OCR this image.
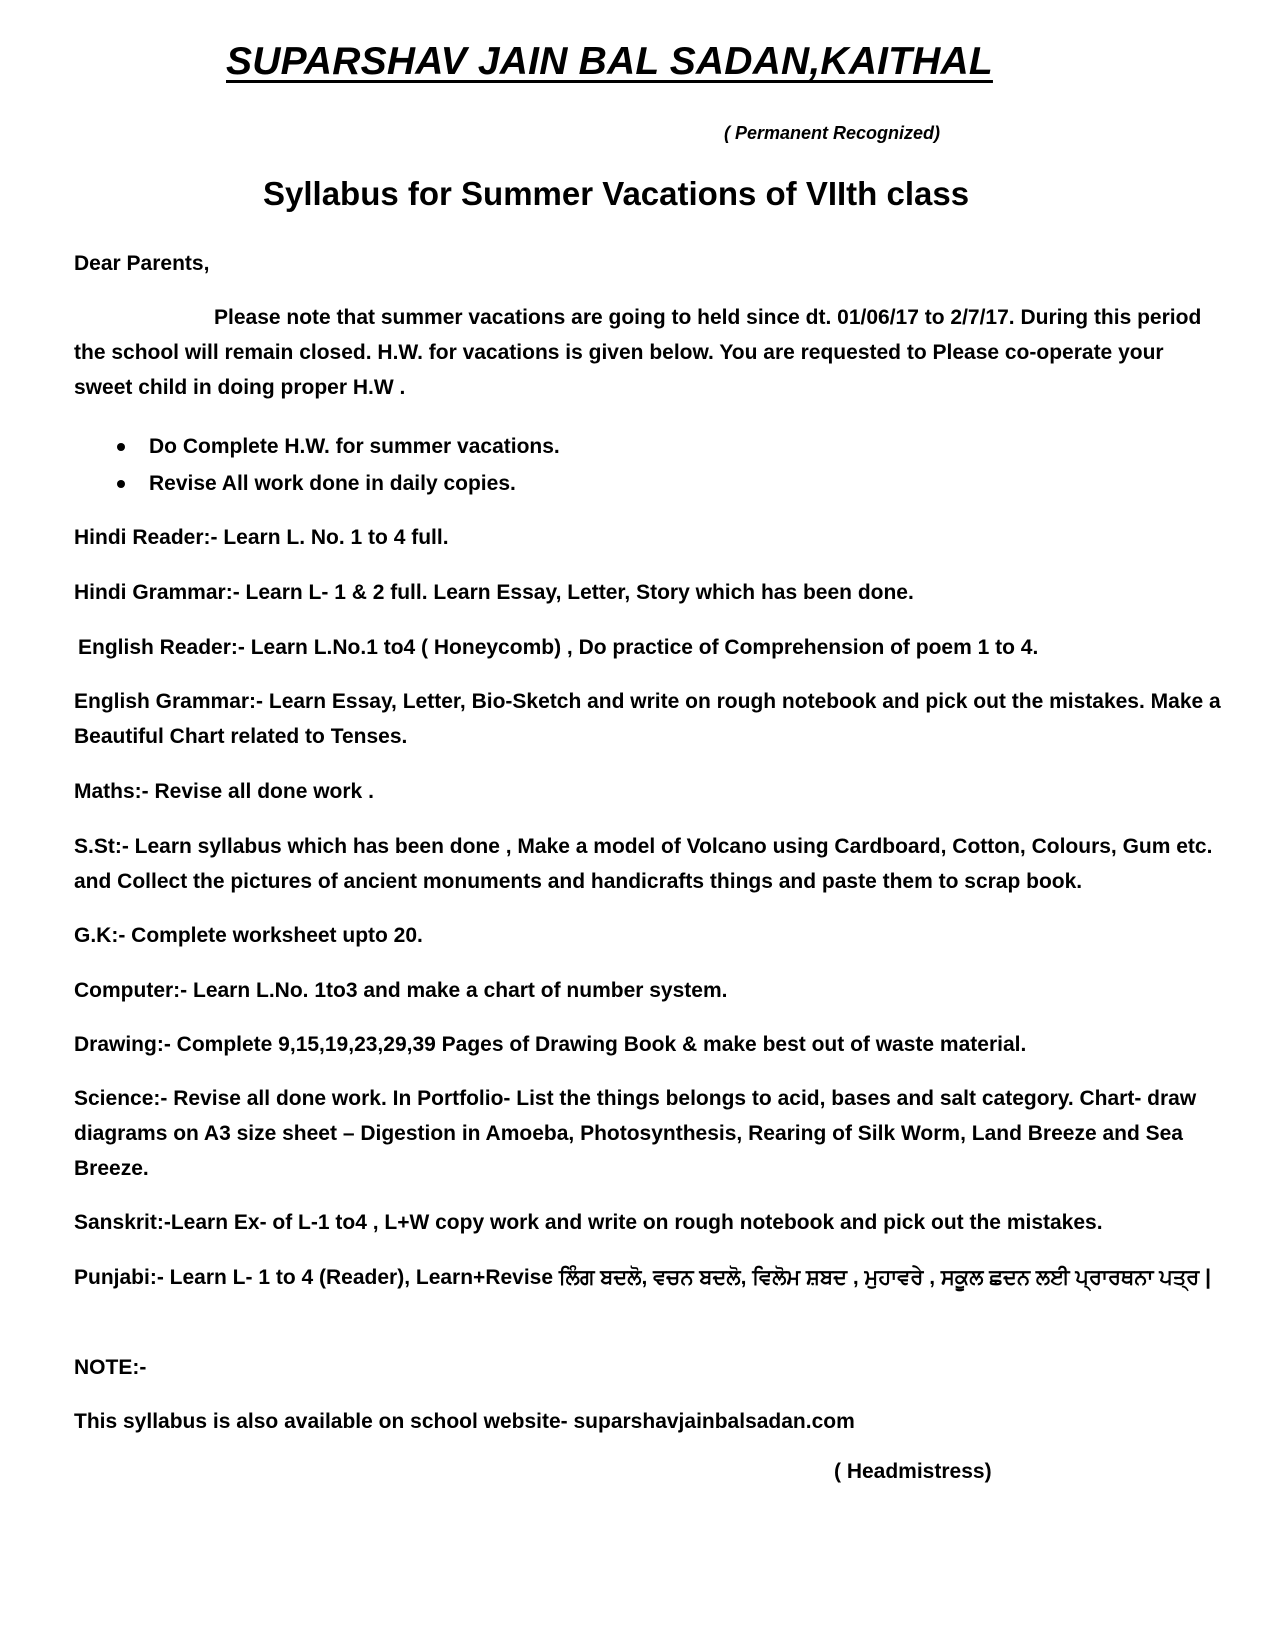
SUPARSHAV JAIN BAL SADAN,KAITHAL
( Permanent Recognized)
Syllabus for Summer Vacations of VIIth class

Dear Parents,

Please note that summer vacations are going to held since dt. 01/06/17 to 2/7/17. During this period the school will remain closed. H.W. for vacations is given below. You are requested to Please co-operate your sweet child in doing proper H.W .

Do Complete H.W. for summer vacations.
Revise All work done in daily copies.

Hindi Reader:- Learn L. No. 1 to 4 full.

Hindi Grammar:- Learn L- 1 & 2 full. Learn Essay, Letter, Story which has been done.

English Reader:- Learn L.No.1 to4 ( Honeycomb) , Do practice of Comprehension of poem 1 to 4.

English Grammar:- Learn Essay, Letter, Bio-Sketch and write on rough notebook and pick out the mistakes. Make a Beautiful Chart related to Tenses.

Maths:- Revise all done work .

S.St:- Learn syllabus which has been done , Make a model of Volcano using Cardboard, Cotton, Colours, Gum etc. and Collect the pictures of ancient monuments and handicrafts things and paste them to scrap book.

G.K:- Complete worksheet upto 20.

Computer:- Learn L.No. 1to3 and make a chart of number system.

Drawing:- Complete 9,15,19,23,29,39 Pages of Drawing Book & make best out of waste material.

Science:- Revise all done work. In Portfolio- List the things belongs to acid, bases and salt category. Chart- draw diagrams on A3 size sheet – Digestion in Amoeba, Photosynthesis, Rearing of Silk Worm, Land Breeze and Sea Breeze.

Sanskrit:-Learn Ex- of L-1 to4 , L+W copy work and write on rough notebook and pick out the mistakes.

Punjabi:- Learn L- 1 to 4 (Reader), Learn+Revise ਲਿੰਗ ਬਦਲੋ, ਵਚਨ ਬਦਲੋ, ਵਿਲੋਮ ਸ਼ਬਦ , ਮੁਹਾਵਰੇ , ਸਕੂਲ ਛਦਨ ਲਈ ਪ੍ਰਾਰਥਨਾ ਪਤ੍ਰ |

NOTE:-

This syllabus is also available on school website- suparshavjainbalsadan.com

( Headmistress)
